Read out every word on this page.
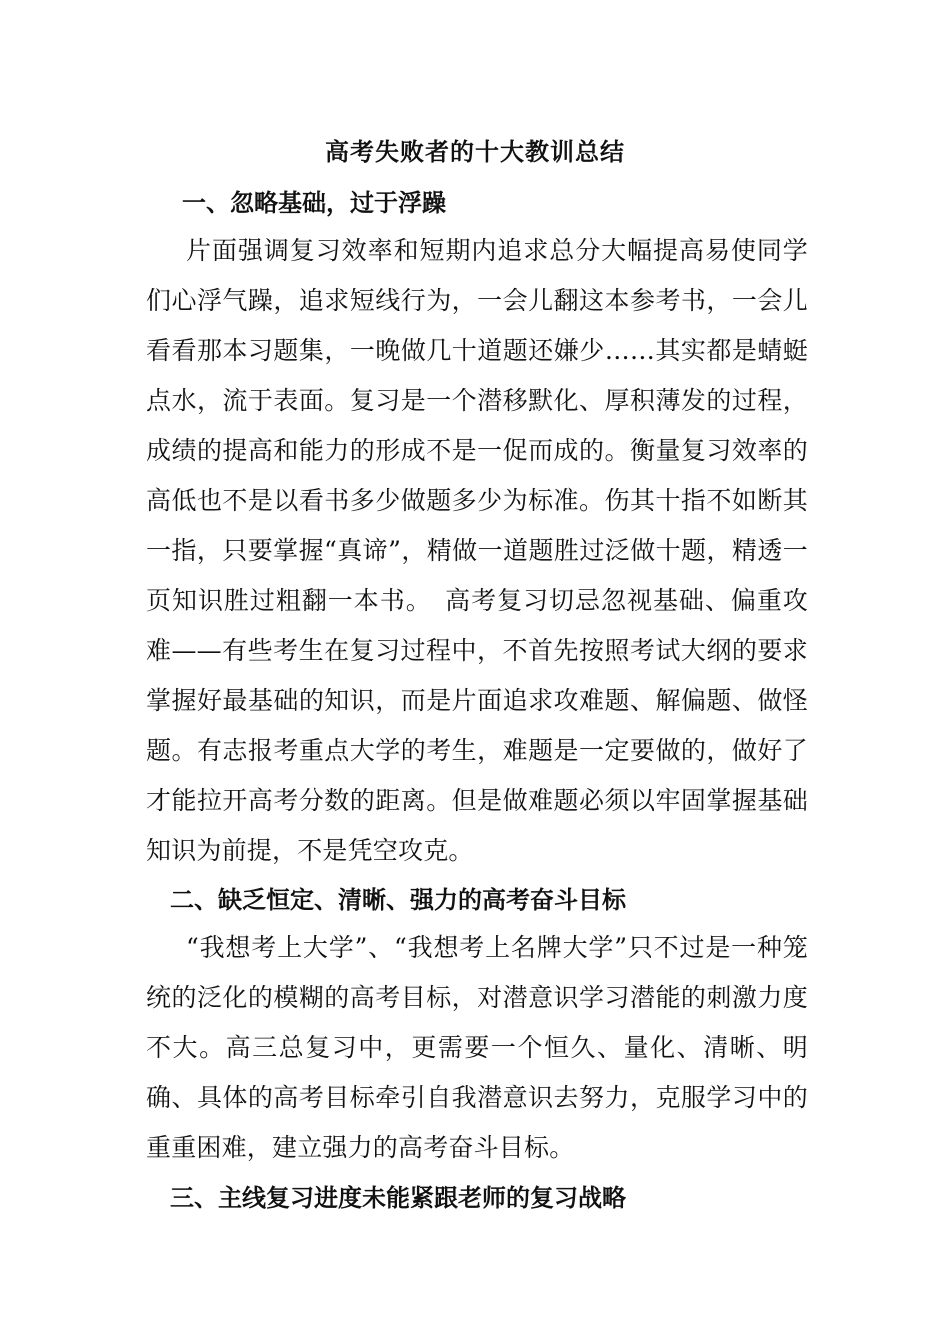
高考失败者的十大教训总结
一、忽略基础，过于浮躁
片面强调复习效率和短期内追求总分大幅提高易使同学们心浮气躁，追求短线行为，一会儿翻这本参考书，一会儿看看那本习题集，一晚做几十道题还嫌少……其实都是蜻蜓点水，流于表面。复习是一个潜移默化、厚积薄发的过程，成绩的提高和能力的形成不是一促而成的。衡量复习效率的高低也不是以看书多少做题多少为标准。伤其十指不如断其一指，只要掌握“真谛”，精做一道题胜过泛做十题，精透一页知识胜过粗翻一本书。　高考复习切忌忽视基础、偏重攻难——有些考生在复习过程中，不首先按照考试大纲的要求掌握好最基础的知识，而是片面追求攻难题、解偏题、做怪题。有志报考重点大学的考生，难题是一定要做的，做好了才能拉开高考分数的距离。但是做难题必须以牢固掌握基础知识为前提，不是凭空攻克。
二、缺乏恒定、清晰、强力的高考奋斗目标
“我想考上大学”、“我想考上名牌大学”只不过是一种笼统的泛化的模糊的高考目标，对潜意识学习潜能的刺激力度不大。高三总复习中，更需要一个恒久、量化、清晰、明确、具体的高考目标牵引自我潜意识去努力，克服学习中的重重困难，建立强力的高考奋斗目标。
三、主线复习进度未能紧跟老师的复习战略
